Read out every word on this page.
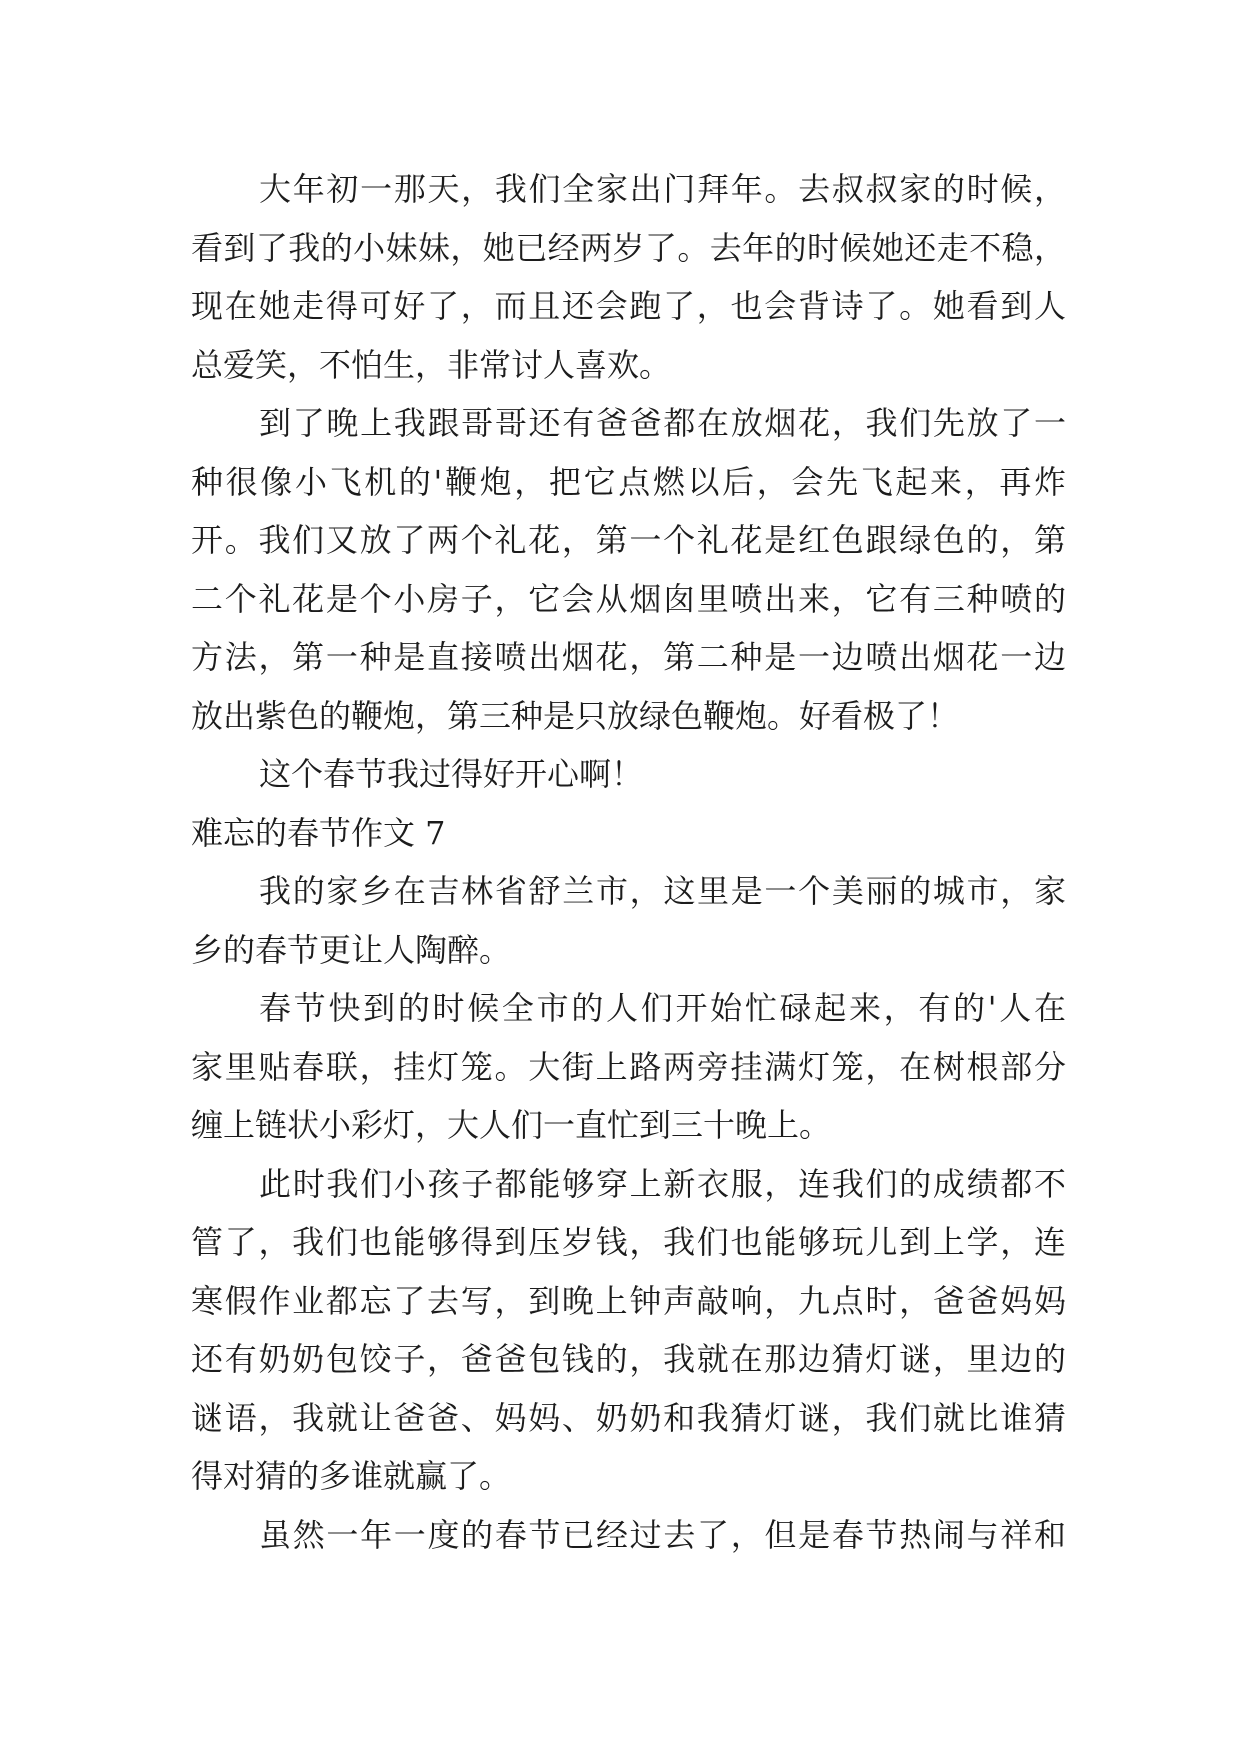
大年初一那天，我们全家出门拜年。去叔叔家的时候，
看到了我的小妹妹，她已经两岁了。去年的时候她还走不稳，
现在她走得可好了，而且还会跑了，也会背诗了。她看到人
总爱笑，不怕生，非常讨人喜欢。
到了晚上我跟哥哥还有爸爸都在放烟花，我们先放了一
种很像小飞机的'鞭炮，把它点燃以后，会先飞起来，再炸
开。我们又放了两个礼花，第一个礼花是红色跟绿色的，第
二个礼花是个小房子，它会从烟囱里喷出来，它有三种喷的
方法，第一种是直接喷出烟花，第二种是一边喷出烟花一边
放出紫色的鞭炮，第三种是只放绿色鞭炮。好看极了！
这个春节我过得好开心啊！
难忘的春节作文 7
我的家乡在吉林省舒兰市，这里是一个美丽的城市，家
乡的春节更让人陶醉。
春节快到的时候全市的人们开始忙碌起来，有的'人在
家里贴春联，挂灯笼。大街上路两旁挂满灯笼，在树根部分
缠上链状小彩灯，大人们一直忙到三十晚上。
此时我们小孩子都能够穿上新衣服，连我们的成绩都不
管了，我们也能够得到压岁钱，我们也能够玩儿到上学，连
寒假作业都忘了去写，到晚上钟声敲响，九点时，爸爸妈妈
还有奶奶包饺子，爸爸包钱的，我就在那边猜灯谜，里边的
谜语，我就让爸爸、妈妈、奶奶和我猜灯谜，我们就比谁猜
得对猜的多谁就赢了。
虽然一年一度的春节已经过去了，但是春节热闹与祥和
